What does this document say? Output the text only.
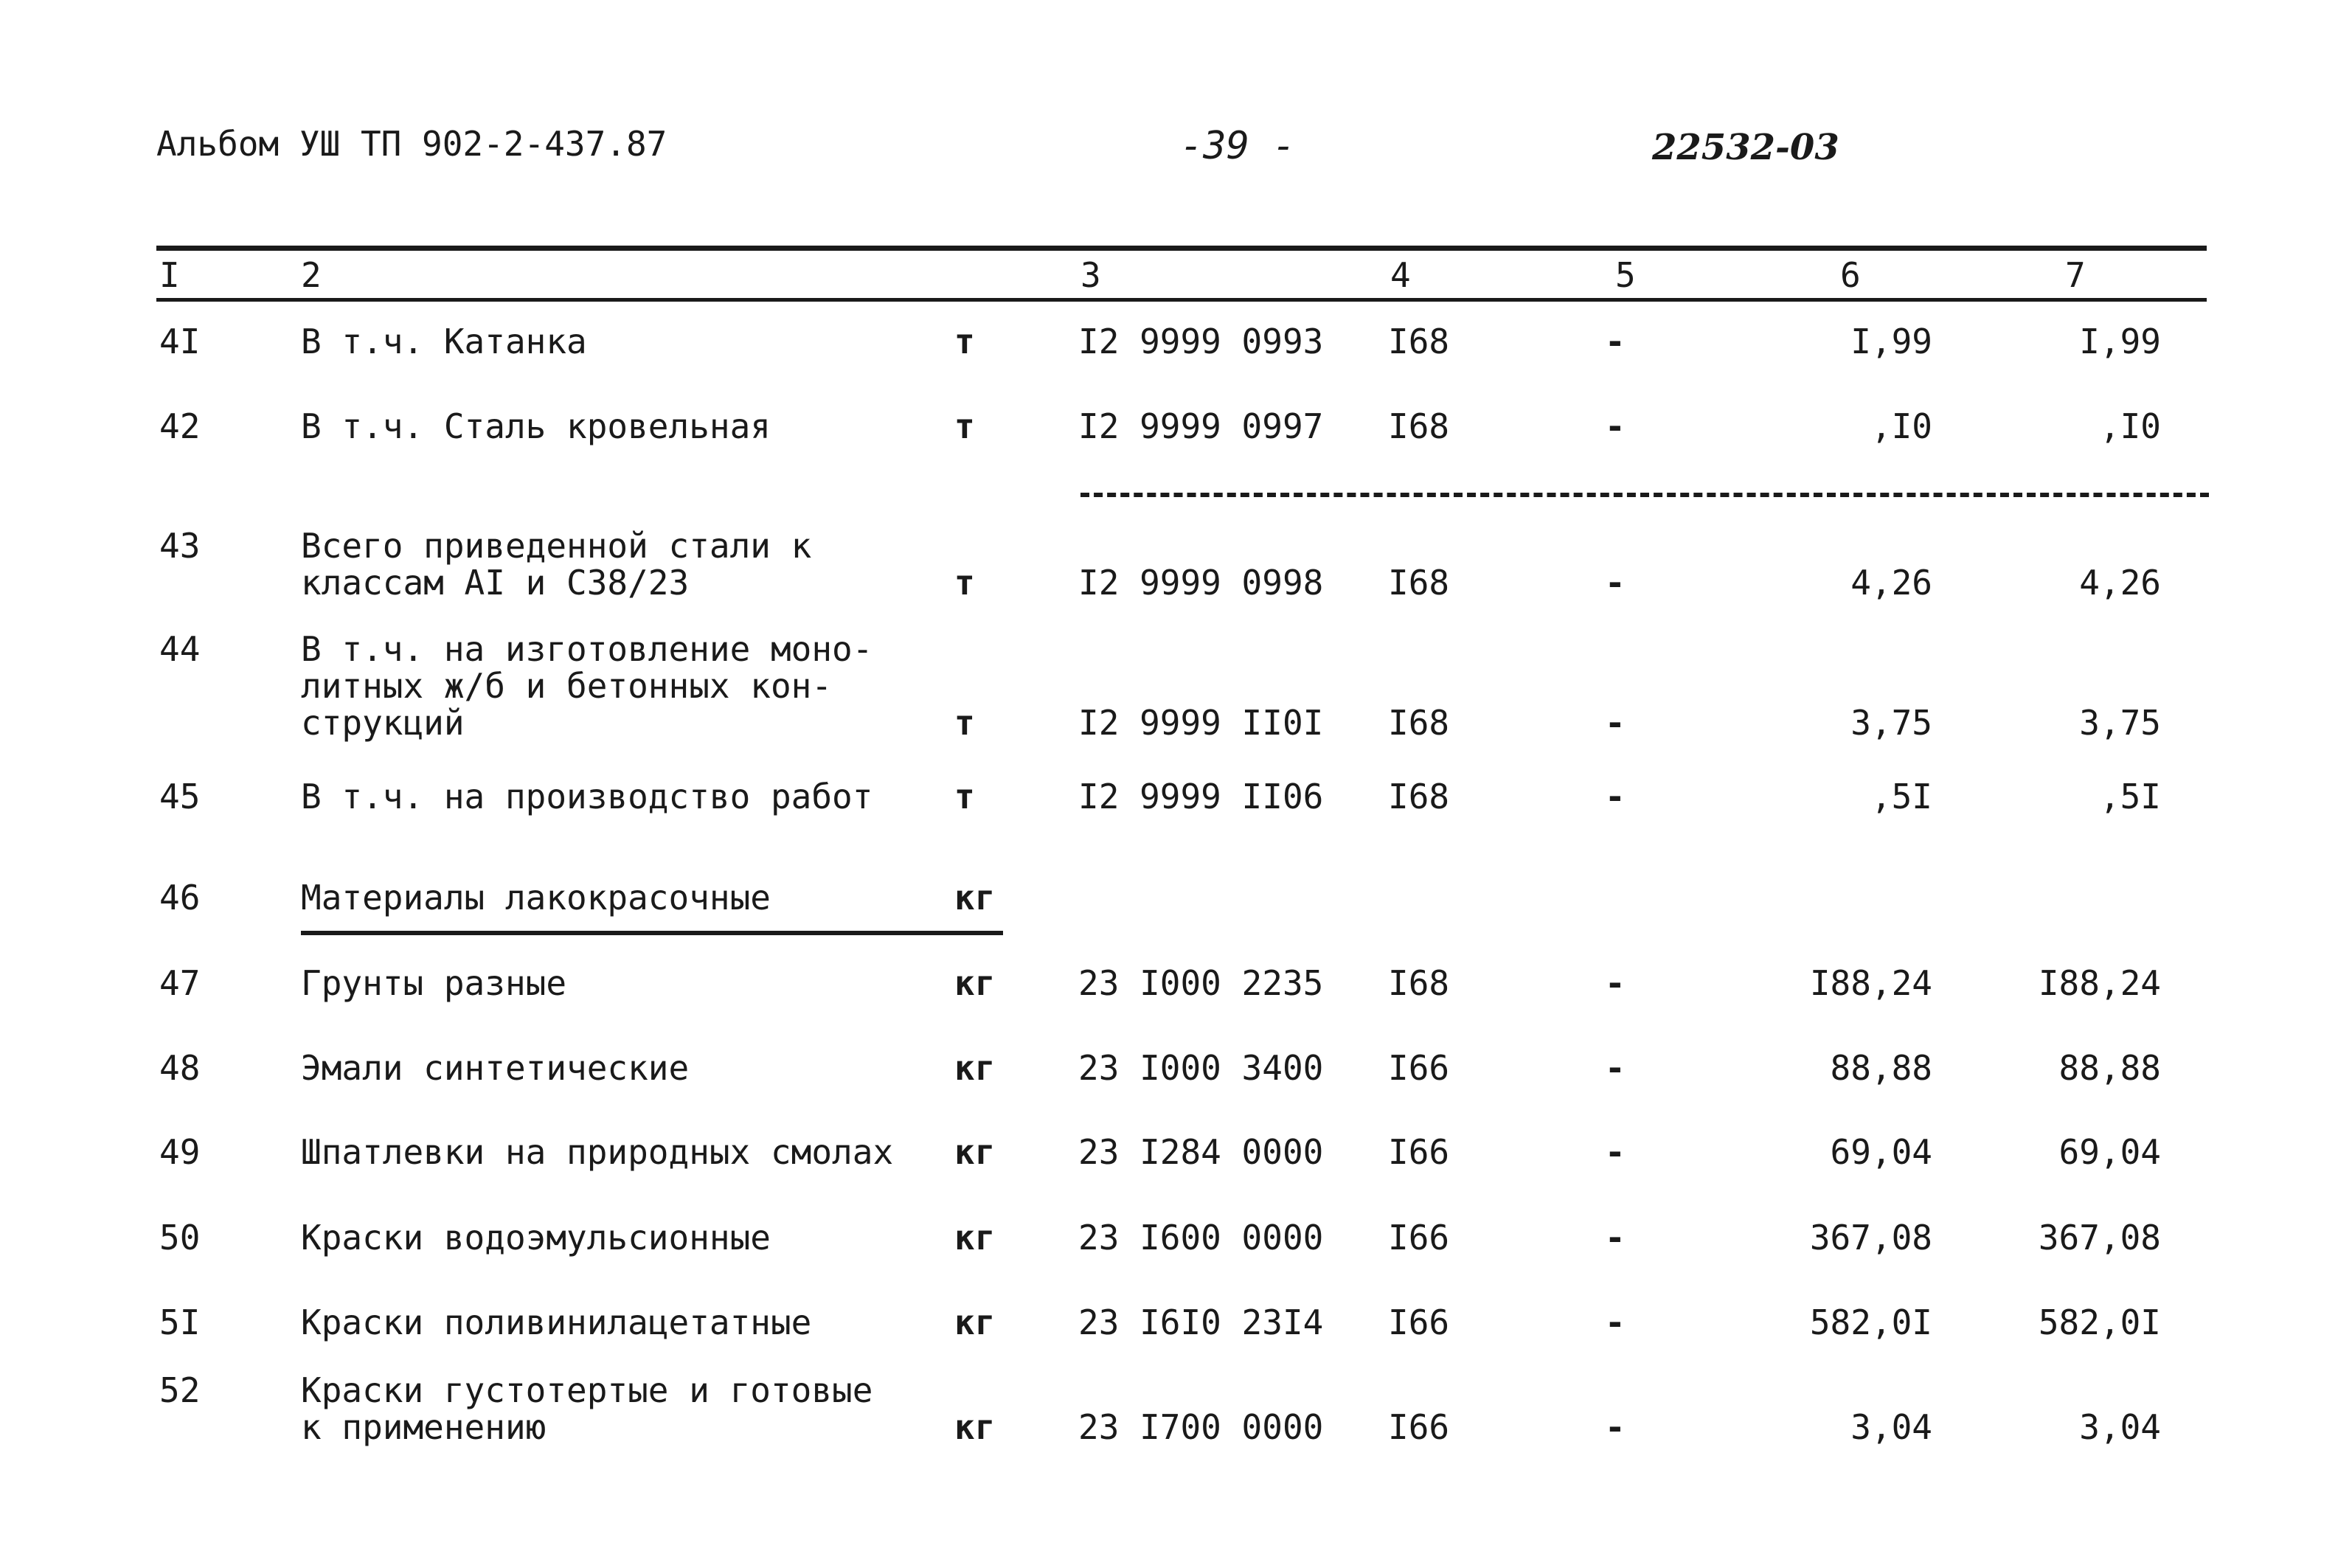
Альбом УШ ТП 902-2-437.87	-39 -	22532-03
I	2	3	4	5	6	7
4I	В т.ч. Катанка	т	I2 9999 0993	I68	-	I,99	I,99
42	В т.ч. Сталь кровельная	т	I2 9999 0997	I68	-	,I0	,I0
43	Всего приведенной стали к
классам AI и С38/23	т	I2 9999 0998	I68	-	4,26	4,26
44	В т.ч. на изготовление моно-
литных ж/б и бетонных кон-
струкций	т	I2 9999 II0I	I68	-	3,75	3,75
45	В т.ч. на производство работ	т	I2 9999 II06	I68	-	,5I	,5I
46	Материалы лакокрасочные	кг
47	Грунты разные	кг	23 I000 2235	I68	-	I88,24	I88,24
48	Эмали синтетические	кг	23 I000 3400	I66	-	88,88	88,88
49	Шпатлевки на природных смолах	кг	23 I284 0000	I66	-	69,04	69,04
50	Краски водоэмульсионные	кг	23 I600 0000	I66	-	367,08	367,08
5I	Краски поливинилацетатные	кг	23 I6I0 23I4	I66	-	582,0I	582,0I
52	Краски густотертые и готовые
к применению	кг	23 I700 0000	I66	-	3,04	3,04
